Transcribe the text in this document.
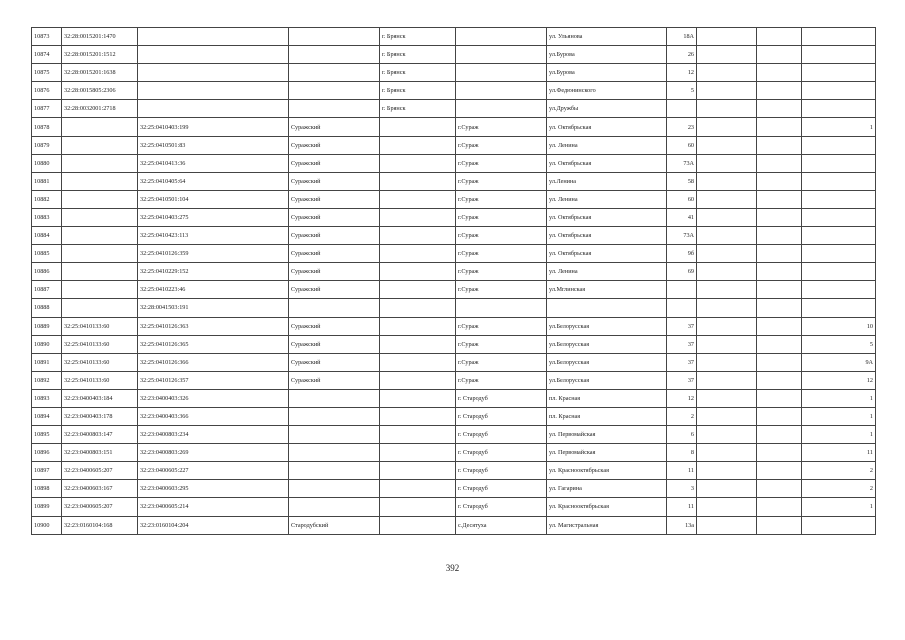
10873	32:28:0015201:1470			г. Брянск		ул. Ульянова	18А			
10874	32:28:0015201:1512			г. Брянск		ул.Бурова	26			
10875	32:28:0015201:1638			г. Брянск		ул.Бурова	12			
10876	32:28:0015805:2306			г. Брянск		ул.Федюнинского	5			
10877	32:28:0032001:2718			г. Брянск		ул.Дружбы				
10878		32:25:0410403:199	Суражский		г.Сураж	ул. Октябрьская	23			1
10879		32:25:0410501:83	Суражский		г.Сураж	ул. Ленина	60			
10880		32:25:0410413:36	Суражский		г.Сураж	ул. Октябрьская	73А			
10881		32:25:0410405:64	Суражский		г.Сураж	ул.Ленина	58			
10882		32:25:0410501:104	Суражский		г.Сураж	ул. Ленина	60			
10883		32:25:0410403:275	Суражский		г.Сураж	ул. Октябрьская	41			
10884		32:25:0410423:113	Суражский		г.Сураж	ул. Октябрьская	73А			
10885		32:25:0410126:359	Суражский		г.Сураж	ул. Октябрьская	9б			
10886		32:25:0410229:152	Суражский		г.Сураж	ул. Ленина	69			
10887		32:25:0410223:46	Суражский		г.Сураж	ул.Мглинская				
10888		32:28:0041503:191								
10889	32:25:0410133:60	32:25:0410126:363	Суражский		г.Сураж	ул.Белорусская	37			10
10890	32:25:0410133:60	32:25:0410126:365	Суражский		г.Сураж	ул.Белорусская	37			5
10891	32:25:0410133:60	32:25:0410126:366	Суражский		г.Сураж	ул.Белорусская	37			9А
10892	32:25:0410133:60	32:25:0410126:357	Суражский		г.Сураж	ул.Белорусская	37			12
10893	32:23:0400403:184	32:23:0400403:326			г. Стародуб	пл. Красная	12			1
10894	32:23:0400403:178	32:23:0400403:366			г. Стародуб	пл. Красная	2			1
10895	32:23:0400803:147	32:23:0400803:234			г. Стародуб	ул. Первомайская	6			1
10896	32:23:0400803:151	32:23:0400803:269			г. Стародуб	ул. Первомайская	8			11
10897	32:23:0400605:207	32:23:0400605:227			г. Стародуб	ул. Краснооктябрьская	11			2
10898	32:23:0400603:167	32:23:0400603:295			г. Стародуб	ул. Гагарина	3			2
10899	32:23:0400605:207	32:23:0400605:214			г. Стародуб	ул. Краснооктябрьская	11			1
10900	32:23:0160104:168	32:23:0160104:204	Стародубский		с.Десятуха	ул. Магистральная	13а			
392
